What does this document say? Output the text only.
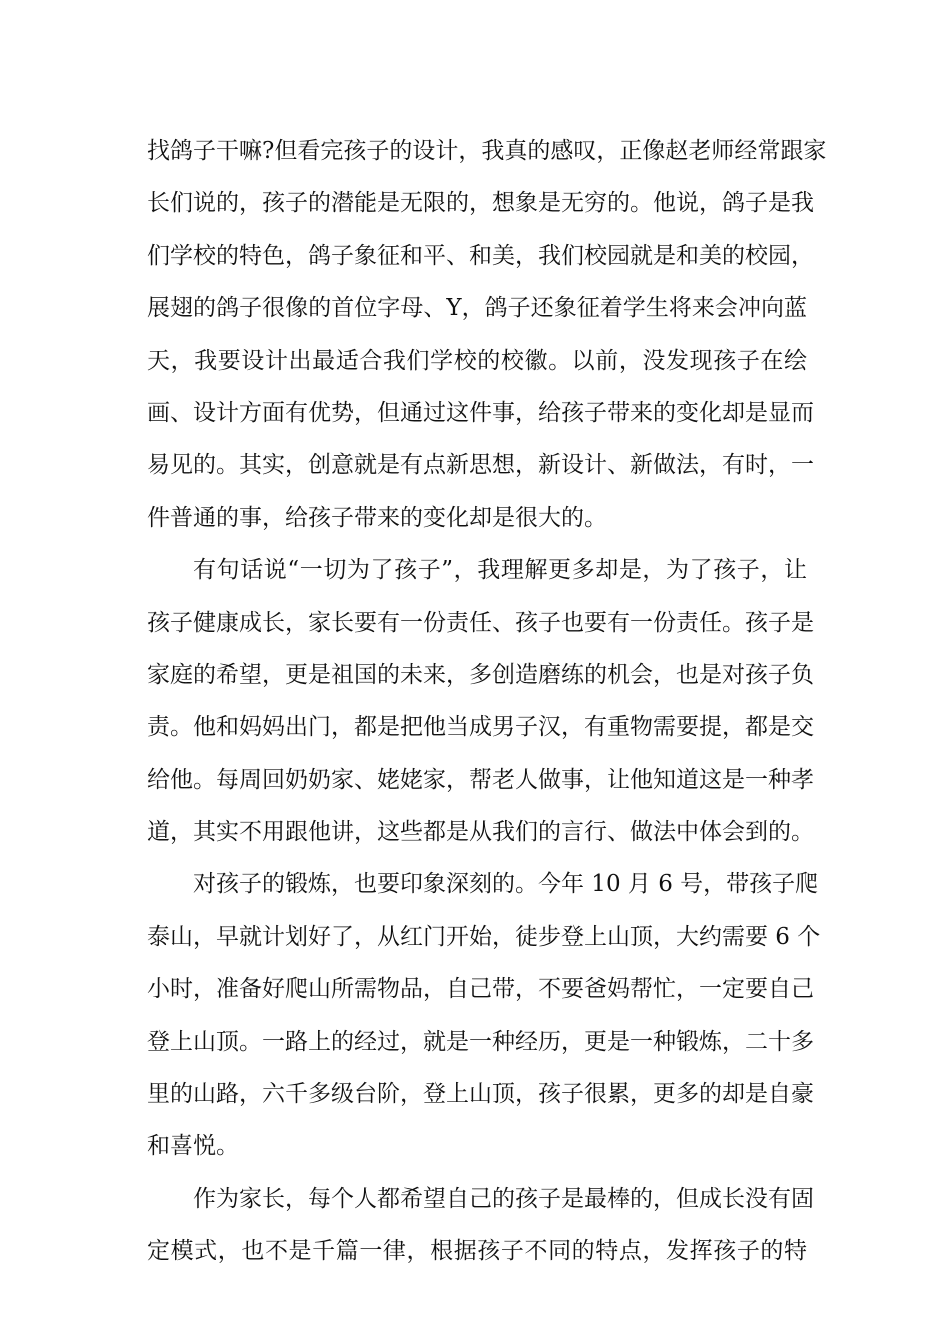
找鸽子干嘛?但看完孩子的设计，我真的感叹，正像赵老师经常跟家
长们说的，孩子的潜能是无限的，想象是无穷的。他说，鸽子是我
们学校的特色，鸽子象征和平、和美，我们校园就是和美的校园，
展翅的鸽子很像的首位字母、Y，鸽子还象征着学生将来会冲向蓝
天，我要设计出最适合我们学校的校徽。以前，没发现孩子在绘
画、设计方面有优势，但通过这件事，给孩子带来的变化却是显而
易见的。其实，创意就是有点新思想，新设计、新做法，有时，一
件普通的事，给孩子带来的变化却是很大的。
有句话说“一切为了孩子”，我理解更多却是，为了孩子，让
孩子健康成长，家长要有一份责任、孩子也要有一份责任。孩子是
家庭的希望，更是祖国的未来，多创造磨练的机会，也是对孩子负
责。他和妈妈出门，都是把他当成男子汉，有重物需要提，都是交
给他。每周回奶奶家、姥姥家，帮老人做事，让他知道这是一种孝
道，其实不用跟他讲，这些都是从我们的言行、做法中体会到的。
对孩子的锻炼，也要印象深刻的。今年 10 月 6 号，带孩子爬
泰山，早就计划好了，从红门开始，徒步登上山顶，大约需要 6 个
小时，准备好爬山所需物品，自己带，不要爸妈帮忙，一定要自己
登上山顶。一路上的经过，就是一种经历，更是一种锻炼，二十多
里的山路，六千多级台阶，登上山顶，孩子很累，更多的却是自豪
和喜悦。
作为家长，每个人都希望自己的孩子是最棒的，但成长没有固
定模式，也不是千篇一律，根据孩子不同的特点，发挥孩子的特
